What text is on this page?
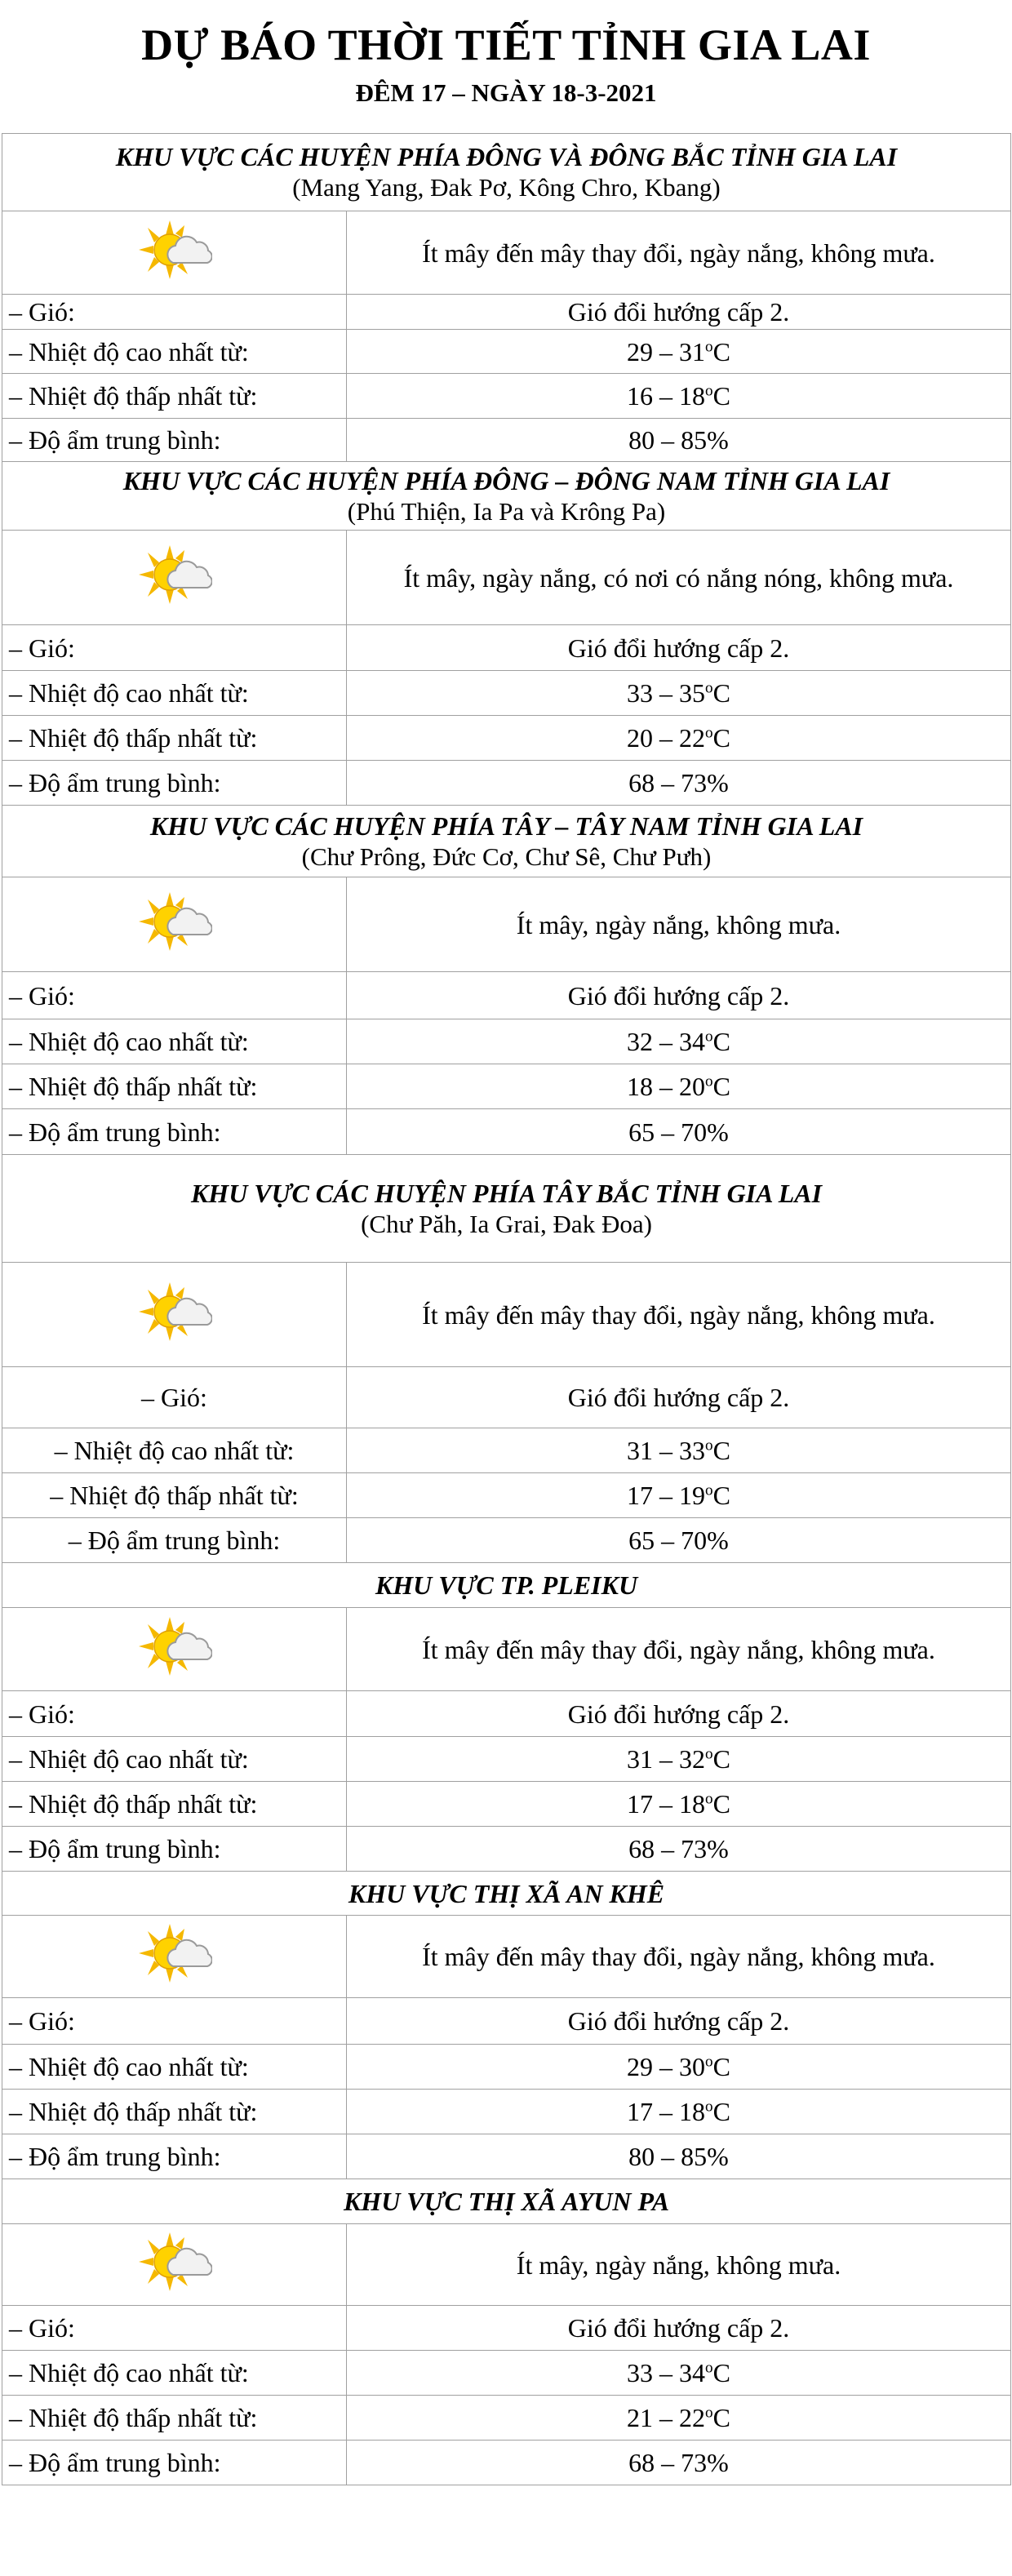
DỰ BÁO THỜI TIẾT TỈNH GIA LAI
ĐÊM 17 – NGÀY 18-3-2021
KHU VỰC CÁC HUYỆN PHÍA ĐÔNG VÀ ĐÔNG BẮC TỈNH GIA LAI
(Mang Yang, Đak Pơ, Kông Chro, Kbang)	

	Ít mây đến mây thay đổi, ngày nắng, không mưa.
– Gió:	Gió đổi hướng cấp 2.
– Nhiệt độ cao nhất từ:	29 – 31$^o$C
– Nhiệt độ thấp nhất từ:	16 – 18$^o$C
– Độ ẩm trung bình:	80 – 85%

KHU VỰC CÁC HUYỆN PHÍA ĐÔNG – ĐÔNG NAM TỈNH GIA LAI
(Phú Thiện, Ia Pa và Krông Pa)	

	Ít mây, ngày nắng, có nơi có nắng nóng, không mưa.
– Gió:	Gió đổi hướng cấp 2.
– Nhiệt độ cao nhất từ:	33 – 35$^o$C
– Nhiệt độ thấp nhất từ:	20 – 22$^o$C
– Độ ẩm trung bình:	68 – 73%

KHU VỰC CÁC HUYỆN PHÍA TÂY – TÂY NAM TỈNH GIA LAI
(Chư Prông, Đức Cơ, Chư Sê, Chư Pưh)	

	Ít mây, ngày nắng, không mưa.
– Gió:	Gió đổi hướng cấp 2.
– Nhiệt độ cao nhất từ:	32 – 34$^o$C
– Nhiệt độ thấp nhất từ:	18 – 20$^o$C
– Độ ẩm trung bình:	65 – 70%

KHU VỰC CÁC HUYỆN PHÍA TÂY BẮC TỈNH GIA LAI
(Chư Păh, Ia Grai, Đak Đoa)	

	Ít mây đến mây thay đổi, ngày nắng, không mưa.
– Gió:	Gió đổi hướng cấp 2.
– Nhiệt độ cao nhất từ:	31 – 33$^o$C
– Nhiệt độ thấp nhất từ:	17 – 19$^o$C
– Độ ẩm trung bình:	65 – 70%

KHU VỰC TP. PLEIKU	

	Ít mây đến mây thay đổi, ngày nắng, không mưa.
– Gió:	Gió đổi hướng cấp 2.
– Nhiệt độ cao nhất từ:	31 – 32$^o$C
– Nhiệt độ thấp nhất từ:	17 – 18$^o$C
– Độ ẩm trung bình:	68 – 73%

KHU VỰC THỊ XÃ AN KHÊ	

	Ít mây đến mây thay đổi, ngày nắng, không mưa.
– Gió:	Gió đổi hướng cấp 2.
– Nhiệt độ cao nhất từ:	29 – 30$^o$C
– Nhiệt độ thấp nhất từ:	17 – 18$^o$C
– Độ ẩm trung bình:	80 – 85%

KHU VỰC THỊ XÃ AYUN PA	

	Ít mây, ngày nắng, không mưa.
– Gió:	Gió đổi hướng cấp 2.
– Nhiệt độ cao nhất từ:	33 – 34$^o$C
– Nhiệt độ thấp nhất từ:	21 – 22$^o$C
– Độ ẩm trung bình:	68 – 73%
